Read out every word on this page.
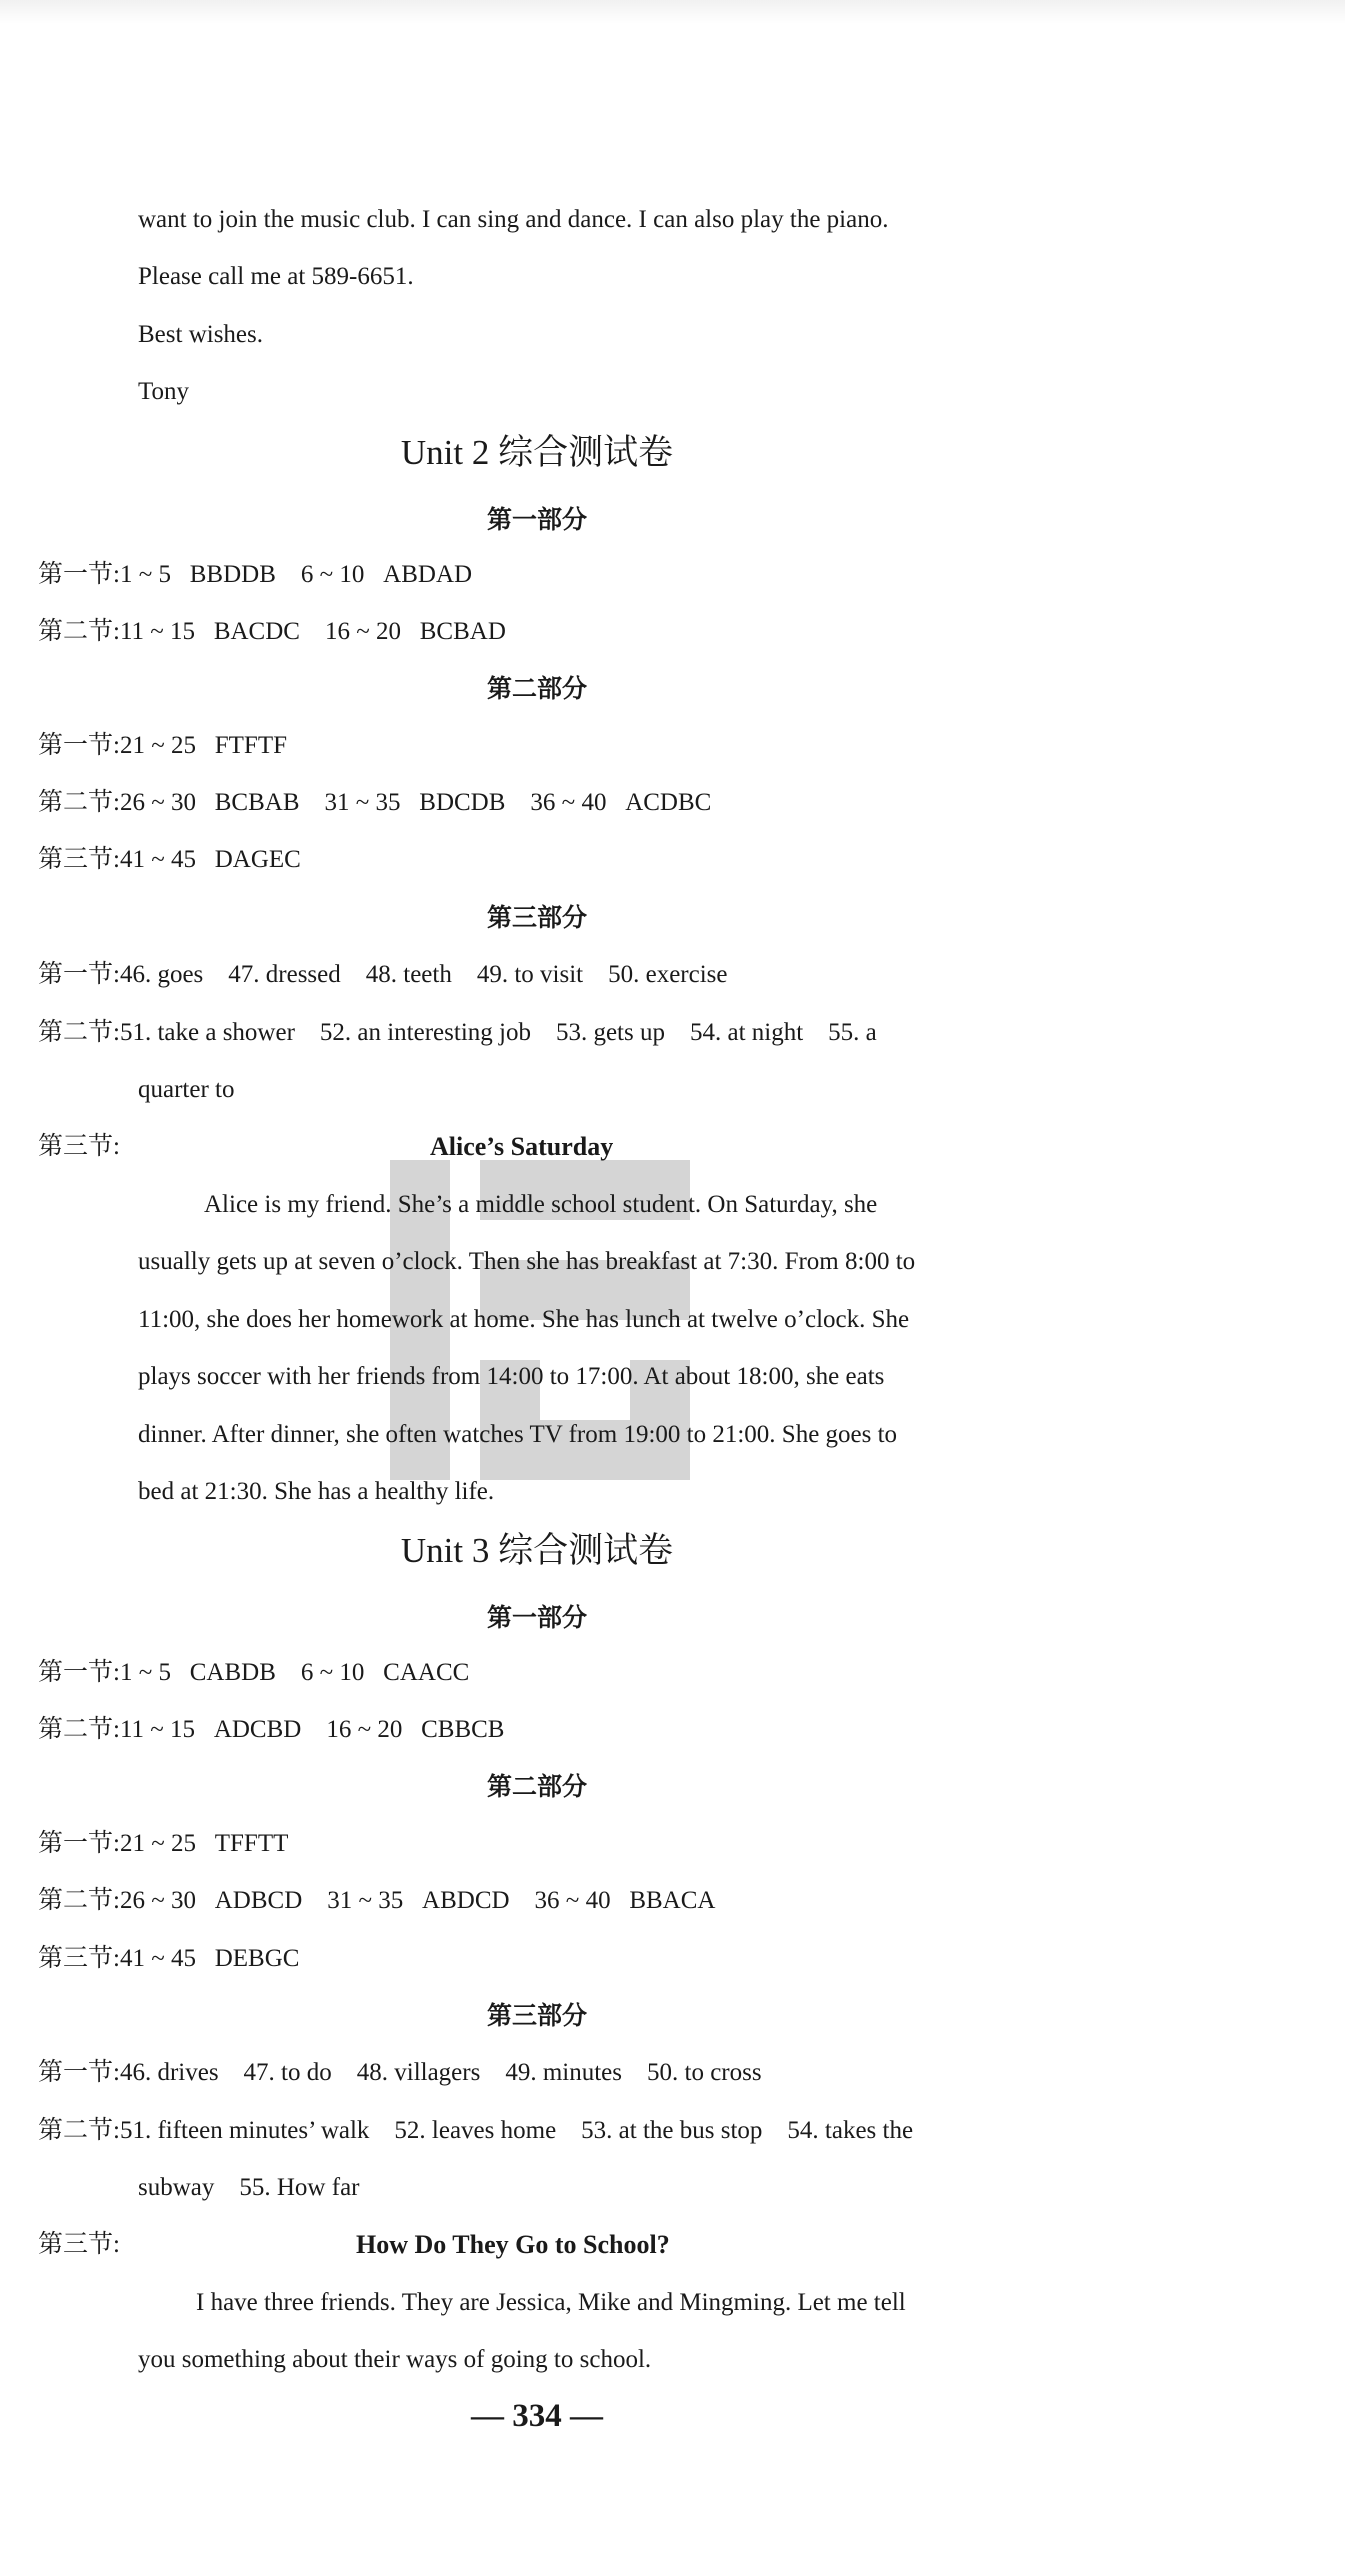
want to join the music club. I can sing and dance. I can also play the piano.
Please call me at 589-6651.
Best wishes.
Tony
Unit 2 综合测试卷
第一部分
第一节:1 ~ 5 BBDDB 6 ~ 10 ABDAD
第二节:11 ~ 15 BACDC 16 ~ 20 BCBAD
第二部分
第一节:21 ~ 25 FTFTF
第二节:26 ~ 30 BCBAB 31 ~ 35 BDCDB 36 ~ 40 ACDBC
第三节:41 ~ 45 DAGEC
第三部分
第一节:46. goes    47. dressed    48. teeth    49. to visit    50. exercise
第二节:51. take a shower    52. an interesting job    53. gets up    54. at night    55. a
quarter to
第三节:	Alice’s Saturday
Alice is my friend. She’s a middle school student. On Saturday, she
usually gets up at seven o’clock. Then she has breakfast at 7:30. From 8:00 to
11:00, she does her homework at home. She has lunch at twelve o’clock. She
plays soccer with her friends from 14:00 to 17:00. At about 18:00, she eats
dinner. After dinner, she often watches TV from 19:00 to 21:00. She goes to
bed at 21:30. She has a healthy life.
Unit 3 综合测试卷
第一部分
第一节:1 ~ 5 CABDB 6 ~ 10 CAACC
第二节:11 ~ 15 ADCBD 16 ~ 20 CBBCB
第二部分
第一节:21 ~ 25 TFFTT
第二节:26 ~ 30 ADBCD 31 ~ 35 ABDCD 36 ~ 40 BBACA
第三节:41 ~ 45 DEBGC
第三部分
第一节:46. drives    47. to do    48. villagers    49. minutes    50. to cross
第二节:51. fifteen minutes’ walk    52. leaves home    53. at the bus stop    54. takes the
subway    55. How far
第三节:	How Do They Go to School?
I have three friends. They are Jessica, Mike and Mingming. Let me tell
you something about their ways of going to school.
— 334 —
